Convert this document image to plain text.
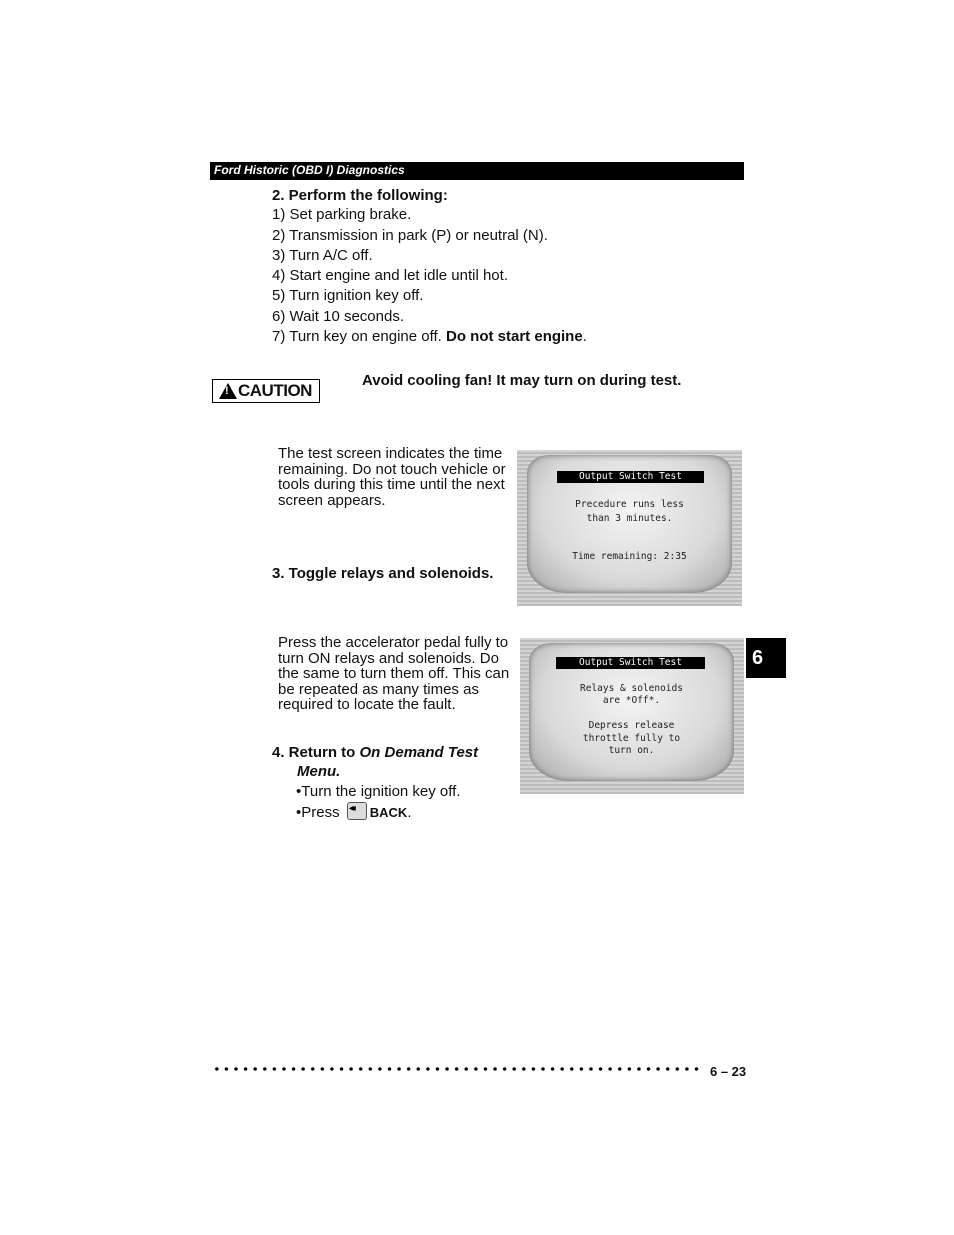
Ford Historic (OBD I) Diagnostics
2. Perform the following:
1) Set parking brake.
2) Transmission in park (P) or neutral (N).
3) Turn A/C off.
4) Start engine and let idle until hot.
5) Turn ignition key off.
6) Wait 10 seconds.
7) Turn key on engine off. Do not start engine.
!
CAUTION
Avoid cooling fan! It may turn on during test.
The test screen indicates the time
remaining. Do not touch vehicle or
tools during this time until the next
screen appears.
Output Switch Test
Precedure runs less
than 3 minutes.
Time remaining: 2:35
3. Toggle relays and solenoids.
Press the accelerator pedal fully to
turn ON relays and solenoids. Do
the same to turn them off. This can
be repeated as many times as
required to locate the fault.
Output Switch Test
Relays & solenoids
are *Off*.
Depress release
throttle fully to
turn on.
6
4. Return to On Demand Test
Menu.
•Turn the ignition key off.
•Press ◂◂BACK.
6 – 23
